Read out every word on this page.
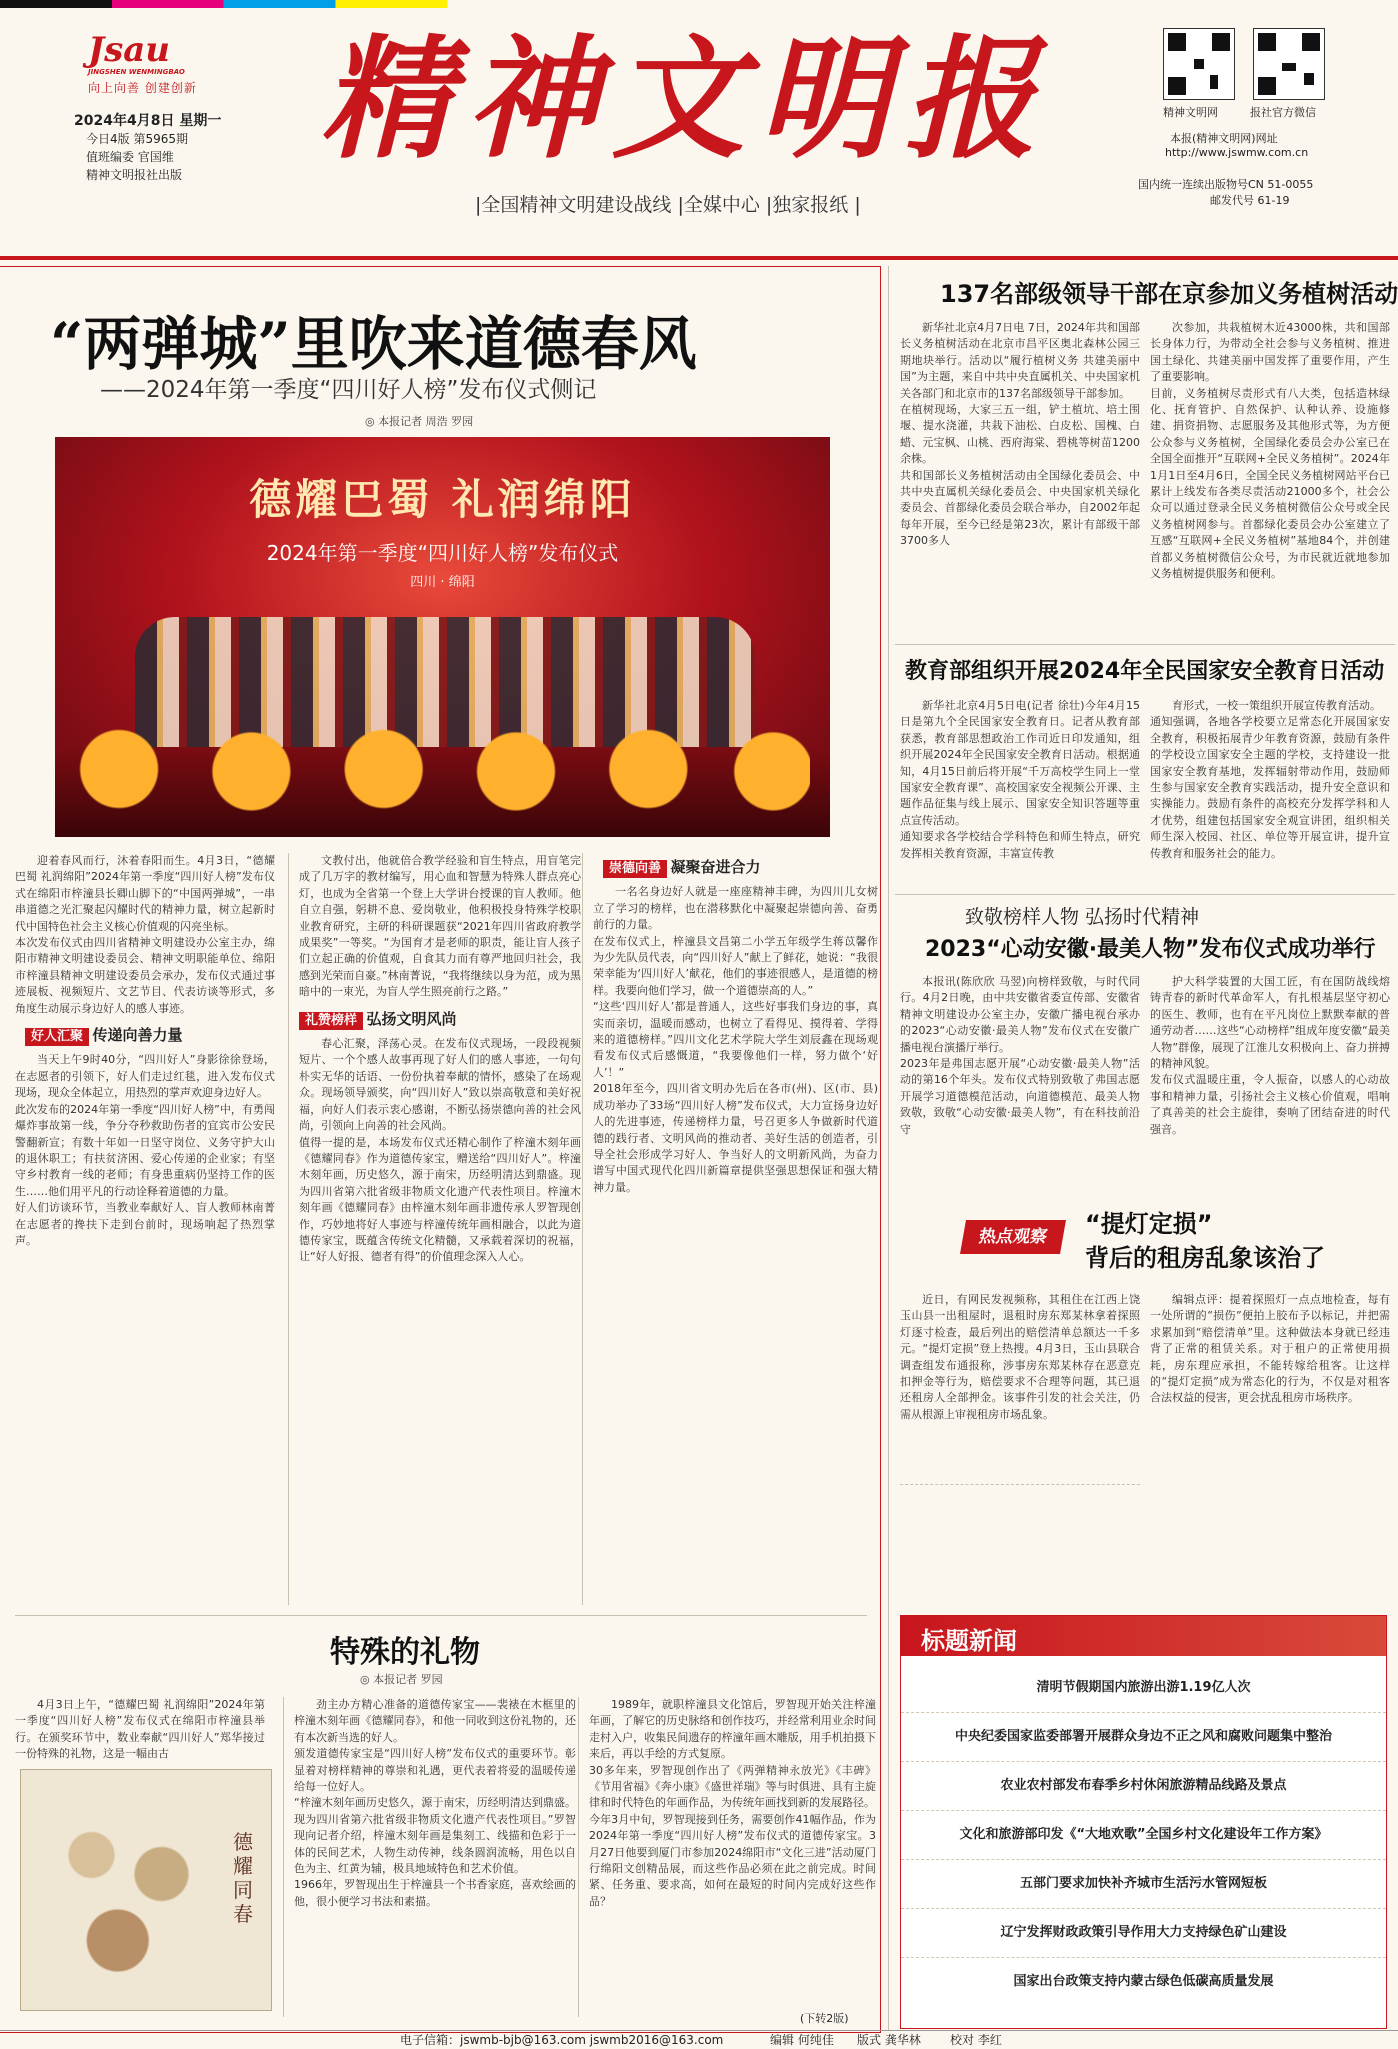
Jsau
JINGSHEN WENMINGBAO
向上向善 创建创新
2024年4月8日 星期一
今日4版 第5965期
值班编委 官国维
精神文明报社出版	精神文明报
|全国精神文明建设战线 |全媒中心 |独家报纸 |
精神文明网	报社官方微信
本报(精神文明网)网址
http://www.jswmw.com.cn
国内统一连续出版物号CN 51-0055
邮发代号 61-19
“两弹城”里吹来道德春风
——2024年第一季度“四川好人榜”发布仪式侧记
◎ 本报记者 周浩 罗园
德耀巴蜀 礼润绵阳
2024年第一季度“四川好人榜”发布仪式
四川 · 绵阳

迎着春风而行，沐着春阳而生。4月3日，“德耀巴蜀 礼润绵阳”2024年第一季度“四川好人榜”发布仪式在绵阳市梓潼县长卿山脚下的“中国两弹城”，一串串道德之光汇聚起闪耀时代的精神力量，树立起新时代中国特色社会主义核心价值观的闪亮坐标。
本次发布仪式由四川省精神文明建设办公室主办，绵阳市精神文明建设委员会、精神文明职能单位、绵阳市梓潼县精神文明建设委员会承办，发布仪式通过事迹展板、视频短片、文艺节目、代表访谈等形式，多角度生动展示身边好人的感人事迹。

好人汇聚 传递向善力量

当天上午9时40分，“四川好人”身影徐徐登场，在志愿者的引领下，好人们走过红毯，进入发布仪式现场，现众全体起立，用热烈的掌声欢迎身边好人。
此次发布的2024年第一季度“四川好人榜”中，有勇闯爆炸事故第一线，争分夺秒救助伤者的宜宾市公安民警翻新宣；有数十年如一日坚守岗位、义务守护大山的退休职工；有扶贫济困、爱心传递的企业家；有坚守乡村教育一线的老师；有身患重病仍坚持工作的医生……他们用平凡的行动诠释着道德的力量。
好人们访谈环节，当教业奉献好人、盲人教师林南菁在志愿者的搀扶下走到台前时，现场响起了热烈掌声。

文教付出，他就倍合教学经验和盲生特点，用盲笔完成了几万字的教材编写，用心血和智慧为特殊人群点亮心灯，也成为全省第一个登上大学讲台授课的盲人教师。他自立自强，躬耕不息、爱岗敬业，他积极投身特殊学校职业教育研究，主研的科研课题获“2021年四川省政府教学成果奖”一等奖。“为国育才是老师的职责，能让盲人孩子们立起正确的价值观，自食其力而有尊严地回归社会，我感到光荣而自豪。”林南菁说，“我将继续以身为范，成为黑暗中的一束光，为盲人学生照亮前行之路。”

礼赞榜样 弘扬文明风尚

春心汇聚，泽荡心灵。在发布仪式现场，一段段视频短片、一个个感人故事再现了好人们的感人事迹，一句句朴实无华的话语、一份份执着奉献的情怀，感染了在场观众。现场领导颁奖，向“四川好人”致以崇高敬意和美好祝福，向好人们表示衷心感谢，不断弘扬崇德向善的社会风尚，引领向上向善的社会风尚。
值得一提的是，本场发布仪式还精心制作了梓潼木刻年画《德耀同春》作为道德传家宝，赠送给“四川好人”。梓潼木刻年画，历史悠久，源于南宋，历经明清达到鼎盛。现为四川省第六批省级非物质文化遗产代表性项目。梓潼木刻年画《德耀同春》由梓潼木刻年画非遗传承人罗智现创作，巧妙地将好人事迹与梓潼传统年画相融合，以此为道德传家宝，既蕴含传统文化精髓，又承载着深切的祝福，让“好人好报、德者有得”的价值理念深入人心。

崇德向善 凝聚奋进合力

一名名身边好人就是一座座精神丰碑，为四川儿女树立了学习的榜样，也在潜移默化中凝聚起崇德向善、奋勇前行的力量。
在发布仪式上，梓潼县文昌第二小学五年级学生蒋苡馨作为少先队员代表，向“四川好人”献上了鲜花，她说：“我很荣幸能为‘四川好人’献花，他们的事迹很感人，是道德的榜样。我要向他们学习，做一个道德崇高的人。”
“这些‘四川好人’都是普通人，这些好事我们身边的事，真实而亲切，温暖而感动，也树立了看得见、摸得着、学得来的道德榜样。”四川文化艺术学院大学生刘辰鑫在现场观看发布仪式后感慨道，“我要像他们一样，努力做个‘好人’！”
2018年至今，四川省文明办先后在各市(州)、区(市、县)成功举办了33场“四川好人榜”发布仪式，大力宣扬身边好人的先进事迹，传递榜样力量，号召更多人争做新时代道德的践行者、文明风尚的推动者、美好生活的创造者，引导全社会形成学习好人、争当好人的文明新风尚，为奋力谱写中国式现代化四川新篇章提供坚强思想保证和强大精神力量。

特殊的礼物
◎ 本报记者 罗园

4月3日上午，“德耀巴蜀 礼润绵阳”2024年第一季度“四川好人榜”发布仪式在绵阳市梓潼县举行。在颁奖环节中，数业奉献“四川好人”郑华接过一份特殊的礼物，这是一幅由古

德耀同春

劲主办方精心准备的道德传家宝——裴裱在木框里的梓潼木刻年画《德耀同春》，和他一同收到这份礼物的，还有本次新当选的好人。
颁发道德传家宝是“四川好人榜”发布仪式的重要环节。彰显着对榜样精神的尊崇和礼遇，更代表着将爱的温暖传递给每一位好人。
“梓潼木刻年画历史悠久，源于南宋，历经明清达到鼎盛。现为四川省第六批省级非物质文化遗产代表性项目。”罗智现向记者介绍，梓潼木刻年画是集刻工、线描和色彩于一体的民间艺术，人物生动传神，线条圆润流畅，用色以自色为主、红黄为辅，极具地域特色和艺术价值。
1966年，罗智现出生于梓潼县一个书香家庭，喜欢绘画的他，很小便学习书法和素描。

1989年，就职梓潼县文化馆后，罗智现开始关注梓潼年画，了解它的历史脉络和创作技巧，并经常利用业余时间走村入户，收集民间遗存的梓潼年画木雕版，用手机拍摄下来后，再以手绘的方式复原。
30多年来，罗智现创作出了《两弹精神永放光》《丰碑》《节用省福》《奔小康》《盛世祥瑞》等与时俱进、具有主旋律和时代特色的年画作品，为传统年画找到新的发展路径。
今年3月中旬，罗智现接到任务，需要创作41幅作品，作为2024年第一季度“四川好人榜”发布仪式的道德传家宝。3月27日他要到厦门市参加2024绵阳市“文化三进”活动厦门行绵阳文创精品展，而这些作品必须在此之前完成。时间紧、任务重、要求高，如何在最短的时间内完成好这些作品？

(下转2版)
137名部级领导干部在京参加义务植树活动

新华社北京4月7日电 7日，2024年共和国部长义务植树活动在北京市昌平区奥北森林公园三期地块举行。活动以“履行植树义务 共建美丽中国”为主题，来自中共中央直属机关、中央国家机关各部门和北京市的137名部级领导干部参加。
在植树现场，大家三五一组，铲土植坑、培土围堰、提水浇灌，共栽下油松、白皮松、国槐、白蜡、元宝枫、山桃、西府海棠、碧桃等树苗1200余株。
共和国部长义务植树活动由全国绿化委员会、中共中央直属机关绿化委员会、中央国家机关绿化委员会、首都绿化委员会联合举办，自2002年起每年开展，至今已经是第23次，累计有部级干部3700多人

次参加，共栽植树木近43000株，共和国部长身体力行，为带动全社会参与义务植树、推进国土绿化、共建美丽中国发挥了重要作用，产生了重要影响。
目前，义务植树尽责形式有八大类，包括造林绿化、抚育管护、自然保护、认种认养、设施修建、捐资捐物、志愿服务及其他形式等，为方便公众参与义务植树，全国绿化委员会办公室已在全国全面推开“互联网+全民义务植树”。2024年1月1日至4月6日，全国全民义务植树网站平台已累计上线发布各类尽责活动21000多个，社会公众可以通过登录全民义务植树微信公众号或全民义务植树网参与。首都绿化委员会办公室建立了互感“互联网+全民义务植树”基地84个，并创建首都义务植树微信公众号，为市民就近就地参加义务植树提供服务和便利。

教育部组织开展2024年全民国家安全教育日活动

新华社北京4月5日电(记者 徐壮)今年4月15日是第九个全民国家安全教育日。记者从教育部获悉，教育部思想政治工作司近日印发通知，组织开展2024年全民国家安全教育日活动。根据通知，4月15日前后将开展“千万高校学生同上一堂国家安全教育课”、高校国家安全视频公开课、主题作品征集与线上展示、国家安全知识答题等重点宣传活动。
通知要求各学校结合学科特色和师生特点，研究发挥相关教育资源，丰富宣传教

育形式，一校一策组织开展宣传教育活动。
通知强调，各地各学校要立足常态化开展国家安全教育，积极拓展青少年教育资源，鼓励有条件的学校设立国家安全主题的学校，支持建设一批国家安全教育基地，发挥辐射带动作用，鼓励师生参与国家安全教育实践活动，提升安全意识和实操能力。鼓励有条件的高校充分发挥学科和人才优势，组建包括国家安全观宣讲团，组织相关师生深入校园、社区、单位等开展宣讲，提升宣传教育和服务社会的能力。

致敬榜样人物 弘扬时代精神
2023“心动安徽·最美人物”发布仪式成功举行

本报讯(陈欣欣 马翌)向榜样致敬，与时代同行。4月2日晚，由中共安徽省委宣传部、安徽省精神文明建设办公室主办，安徽广播电视台承办的2023“心动安徽·最美人物”发布仪式在安徽广播电视台演播厅举行。
2023年是弗国志愿开展“心动安徽·最美人物”活动的第16个年头。发布仪式特别致敬了弗国志愿开展学习道德模范活动，向道德模范、最美人物致敬，致敬“心动安徽·最美人物”，有在科技前沿守

护大科学装置的大国工匠，有在国防战线熔铸青春的新时代革命军人，有扎根基层坚守初心的医生、教师，也有在平凡岗位上默默奉献的普通劳动者……这些“心动榜样”组成年度安徽“最美人物”群像，展现了江淮儿女积极向上、奋力拼搏的精神风貌。
发布仪式温暖庄重，令人振奋，以感人的心动故事和精神力量，引扬社会主义核心价值观，唱响了真善美的社会主旋律，奏响了团结奋进的时代强音。

热点观察	“提灯定损”
背后的租房乱象该治了

近日，有网民发视频称，其租住在江西上饶玉山县一出租屋时，退租时房东郑某林拿着探照灯逐寸检查，最后列出的赔偿清单总额达一千多元。“提灯定损”登上热搜。4月3日，玉山县联合调查组发布通报称，涉事房东郑某林存在恶意克扣押金等行为，赔偿要求不合理等问题，其已退还租房人全部押金。该事件引发的社会关注，仍需从根源上审视租房市场乱象。

编辑点评：提着探照灯一点点地检查，每有一处所谓的“损伤”便拍上胶布予以标记，并把需求累加到“赔偿清单”里。这种做法本身就已经违背了正常的租赁关系。对于租户的正常使用损耗，房东理应承担，不能转嫁给租客。让这样的“提灯定损”成为常态化的行为，不仅是对租客合法权益的侵害，更会扰乱租房市场秩序。

标题新闻
清明节假期国内旅游出游1.19亿人次
中央纪委国家监委部署开展群众身边不正之风和腐败问题集中整治
农业农村部发布春季乡村休闲旅游精品线路及景点
文化和旅游部印发《“大地欢歌”全国乡村文化建设年工作方案》
五部门要求加快补齐城市生活污水管网短板
辽宁发挥财政政策引导作用大力支持绿色矿山建设
国家出台政策支持内蒙古绿色低碳高质量发展
电子信箱：jswmb-bjb@163.com jswmb2016@163.com	编辑 何纯佳 版式 龚华林 校对 李红
